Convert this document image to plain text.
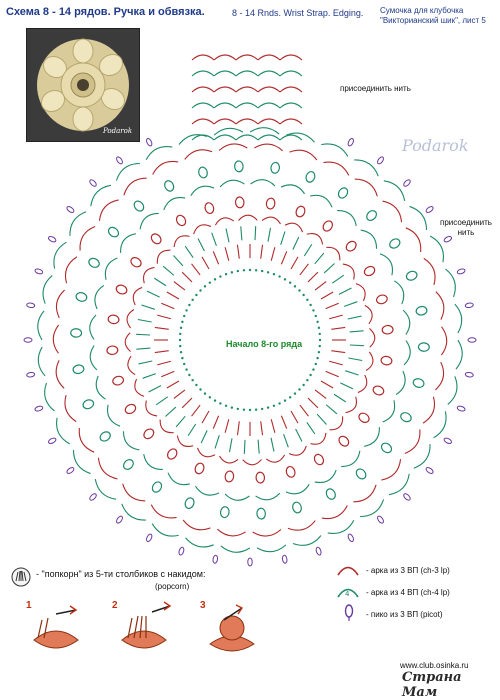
Схема 8 - 14 рядов. Ручка и обвязка.	8 - 14 Rnds. Wrist Strap. Edging. Сумочка для клубочка
"Викторианский шик", лист 5
Podarok
Podarok
присоединить нить
присоединить
нить
Начало 8-го ряда
- "попкорн" из 5-ти столбиков с накидом:
(popcorn)
- арка из 3 ВП (ch-3 lp)
4 - арка из 4 ВП (ch-4 lp)
- пико из 3 ВП (picot)
1	2	3
www.club.osinka.ru
Страна Мам
